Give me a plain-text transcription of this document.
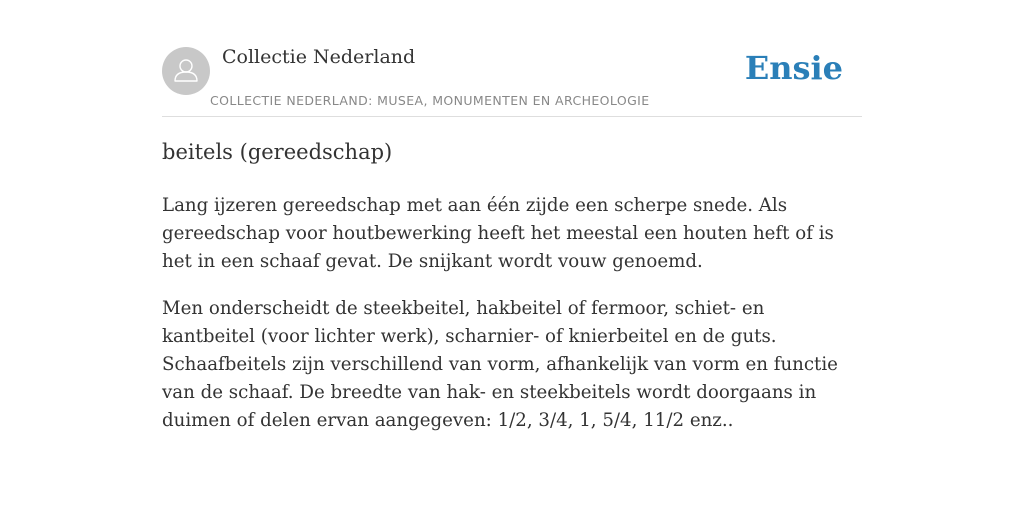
Collectie Nederland
COLLECTIE NEDERLAND: MUSEA, MONUMENTEN EN ARCHEOLOGIE
Ensie
beitels (gereedschap)

Lang ijzeren gereedschap met aan één zijde een scherpe snede. Als gereedschap voor houtbewerking heeft het meestal een houten heft of is het in een schaaf gevat. De snijkant wordt vouw genoemd.

Men onderscheidt de steekbeitel, hakbeitel of fermoor, schiet- en kantbeitel (voor lichter werk), scharnier- of knierbeitel en de guts. Schaafbeitels zijn verschillend van vorm, afhankelijk van vorm en functie van de schaaf. De breedte van hak- en steekbeitels wordt doorgaans in duimen of delen ervan aangegeven: 1/2, 3/4, 1, 5/4, 11/2 enz..
